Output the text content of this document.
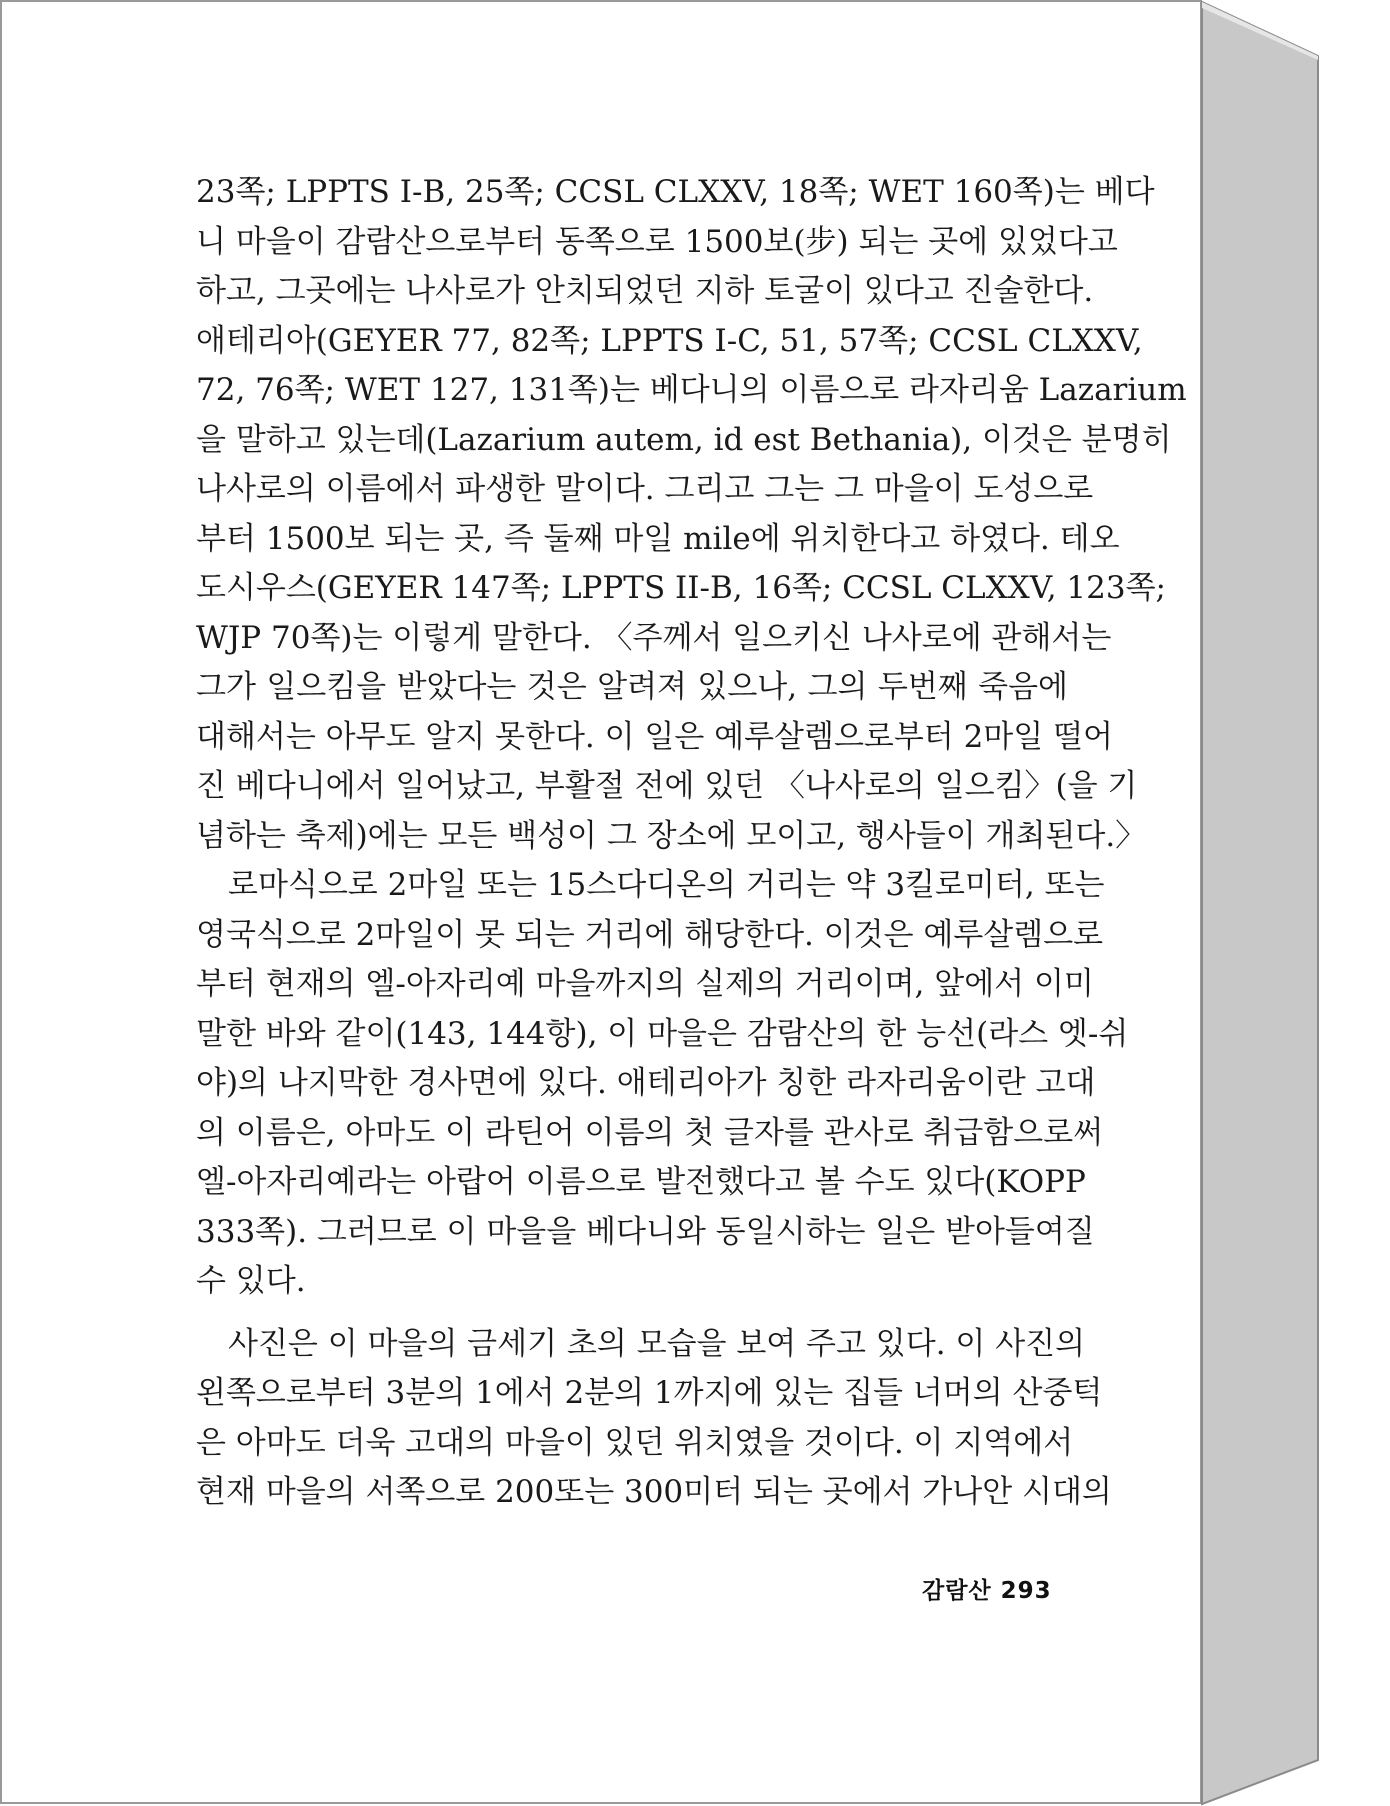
23쪽; LPPTS I-B, 25쪽; CCSL CLXXV, 18쪽; WET 160쪽)는 베다
니 마을이 감람산으로부터 동쪽으로 1500보(步) 되는 곳에 있었다고
하고, 그곳에는 나사로가 안치되었던 지하 토굴이 있다고 진술한다.
애테리아(GEYER 77, 82쪽; LPPTS I-C, 51, 57쪽; CCSL CLXXV,
72, 76쪽; WET 127, 131쪽)는 베다니의 이름으로 라자리움 Lazarium
을 말하고 있는데(Lazarium autem, id est Bethania), 이것은 분명히
나사로의 이름에서 파생한 말이다. 그리고 그는 그 마을이 도성으로
부터 1500보 되는 곳, 즉 둘째 마일 mile에 위치한다고 하였다. 테오
도시우스(GEYER 147쪽; LPPTS II-B, 16쪽; CCSL CLXXV, 123쪽;
WJP 70쪽)는 이렇게 말한다. 〈주께서 일으키신 나사로에 관해서는
그가 일으킴을 받았다는 것은 알려져 있으나, 그의 두번째 죽음에
대해서는 아무도 알지 못한다. 이 일은 예루살렘으로부터 2마일 떨어
진 베다니에서 일어났고, 부활절 전에 있던 〈나사로의 일으킴〉(을 기
념하는 축제)에는 모든 백성이 그 장소에 모이고, 행사들이 개최된다.〉
로마식으로 2마일 또는 15스다디온의 거리는 약 3킬로미터, 또는
영국식으로 2마일이 못 되는 거리에 해당한다. 이것은 예루살렘으로
부터 현재의 엘-아자리예 마을까지의 실제의 거리이며, 앞에서 이미
말한 바와 같이(143, 144항), 이 마을은 감람산의 한 능선(라스 엣-쉬
야)의 나지막한 경사면에 있다. 애테리아가 칭한 라자리움이란 고대
의 이름은, 아마도 이 라틴어 이름의 첫 글자를 관사로 취급함으로써
엘-아자리예라는 아랍어 이름으로 발전했다고 볼 수도 있다(KOPP
333쪽). 그러므로 이 마을을 베다니와 동일시하는 일은 받아들여질
수 있다.
사진은 이 마을의 금세기 초의 모습을 보여 주고 있다. 이 사진의
왼쪽으로부터 3분의 1에서 2분의 1까지에 있는 집들 너머의 산중턱
은 아마도 더욱 고대의 마을이 있던 위치였을 것이다. 이 지역에서
현재 마을의 서쪽으로 200또는 300미터 되는 곳에서 가나안 시대의
감람산 293
